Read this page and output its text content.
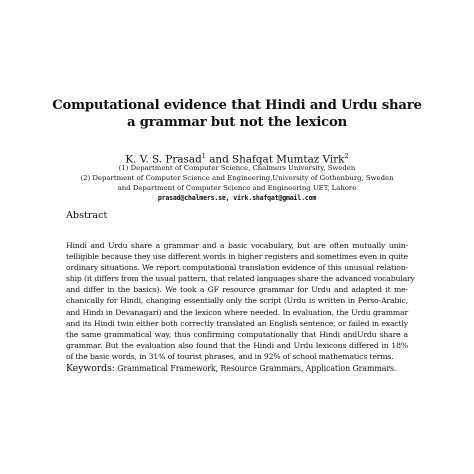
Computational evidence that Hindi and Urdu share
a grammar but not the lexicon
K. V. S. Prasad$^1$ and Shafqat Mumtaz Virk$^2$
(1) Department of Computer Science, Chalmers University, Sweden
(2) Department of Computer Science and Engineering,University of Gothenburg, Sweden
and Department of Computer Science and Engineering UET, Lahore
prasad@chalmers.se, virk.shafqat@gmail.com
Abstract
Hindi and Urdu share a grammar and a basic vocabulary, but are often mutually unin-
telligible because they use different words in higher registers and sometimes even in quite
ordinary situations. We report computational translation evidence of this unusual relation-
ship (it differs from the usual pattern, that related languages share the advanced vocabulary
and differ in the basics). We took a GF resource grammar for Urdu and adapted it me-
chanically for Hindi, changing essentially only the script (Urdu is written in Perso-Arabic,
and Hindi in Devanagari) and the lexicon where needed. In evaluation, the Urdu grammar
and its Hindi twin either both correctly translated an English sentence, or failed in exactly
the same grammatical way, thus confirming computationally that Hindi andUrdu share a
grammar. But the evaluation also found that the Hindi and Urdu lexicons differed in 18%
of the basic words, in 31% of tourist phrases, and in 92% of school mathematics terms.
Keywords: Grammatical Framework, Resource Grammars, Application Grammars.
